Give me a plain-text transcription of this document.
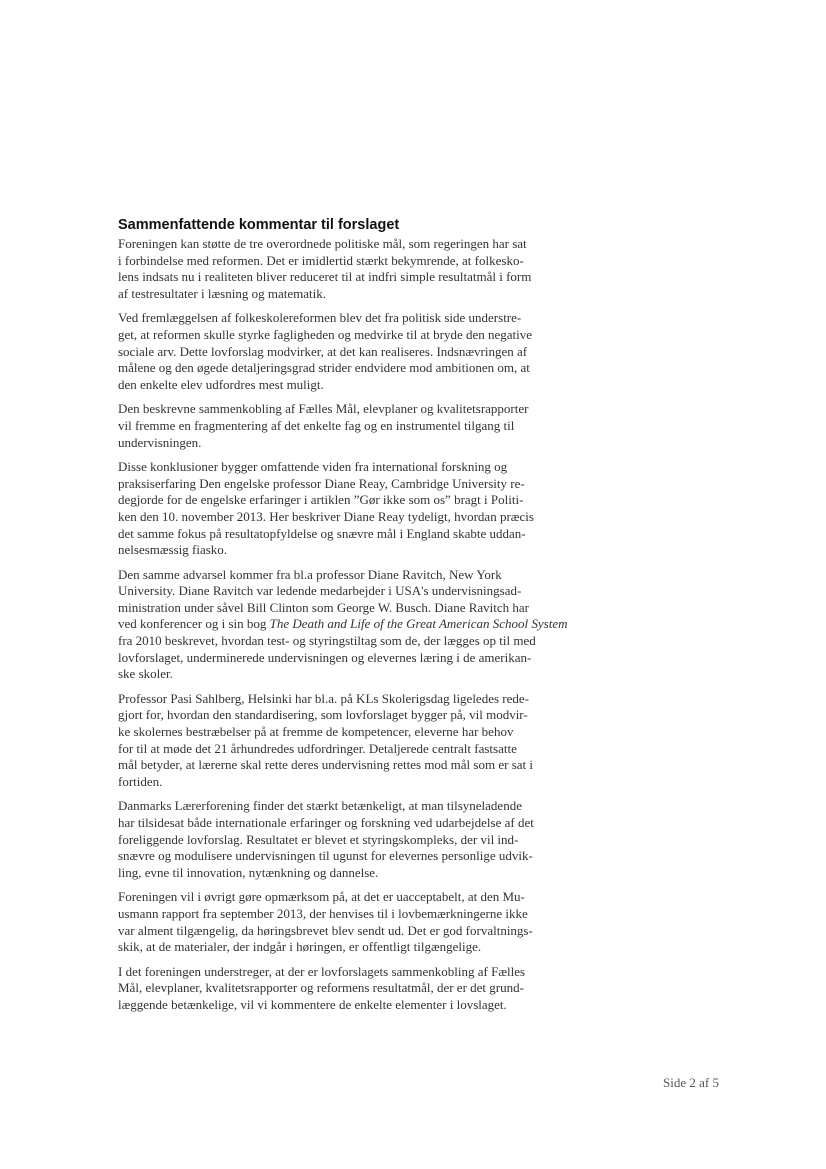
Sammenfattende kommentar til forslaget
Foreningen kan støtte de tre overordnede politiske mål, som regeringen har sat
i forbindelse med reformen. Det er imidlertid stærkt bekymrende, at folkesko-
lens indsats nu i realiteten bliver reduceret til at indfri simple resultatmål i form
af testresultater i læsning og matematik.
Ved fremlæggelsen af folkeskolereformen blev det fra politisk side understre-
get, at reformen skulle styrke fagligheden og medvirke til at bryde den negative
sociale arv. Dette lovforslag modvirker, at det kan realiseres. Indsnævringen af
målene og den øgede detaljeringsgrad strider endvidere mod ambitionen om, at
den enkelte elev udfordres mest muligt.
Den beskrevne sammenkobling af Fælles Mål, elevplaner og kvalitetsrapporter
vil fremme en fragmentering af det enkelte fag og en instrumentel tilgang til
undervisningen.
Disse konklusioner bygger omfattende viden fra international forskning og
praksiserfaring Den engelske professor Diane Reay, Cambridge University re-
degjorde for de engelske erfaringer i artiklen ”Gør ikke som os” bragt i Politi-
ken den 10. november 2013. Her beskriver Diane Reay tydeligt, hvordan præcis
det samme fokus på resultatopfyldelse og snævre mål i England skabte uddan-
nelsesmæssig fiasko.
Den samme advarsel kommer fra bl.a professor Diane Ravitch, New York
University. Diane Ravitch var ledende medarbejder i USA's undervisningsad-
ministration under såvel Bill Clinton som George W. Busch. Diane Ravitch har
ved konferencer og i sin bog The Death and Life of the Great American School System
fra 2010 beskrevet, hvordan test- og styringstiltag som de, der lægges op til med
lovforslaget, underminerede undervisningen og elevernes læring i de amerikan-
ske skoler.
Professor Pasi Sahlberg, Helsinki har bl.a. på KLs Skolerigsdag ligeledes rede-
gjort for, hvordan den standardisering, som lovforslaget bygger på, vil modvir-
ke skolernes bestræbelser på at fremme de kompetencer, eleverne har behov
for til at møde det 21 århundredes udfordringer. Detaljerede centralt fastsatte
mål betyder, at lærerne skal rette deres undervisning rettes mod mål som er sat i
fortiden.
Danmarks Lærerforening finder det stærkt betænkeligt, at man tilsyneladende
har tilsidesat både internationale erfaringer og forskning ved udarbejdelse af det
foreliggende lovforslag. Resultatet er blevet et styringskompleks, der vil ind-
snævre og modulisere undervisningen til ugunst for elevernes personlige udvik-
ling, evne til innovation, nytænkning og dannelse.
Foreningen vil i øvrigt gøre opmærksom på, at det er uacceptabelt, at den Mu-
usmann rapport fra september 2013, der henvises til i lovbemærkningerne ikke
var alment tilgængelig, da høringsbrevet blev sendt ud. Det er god forvaltnings-
skik, at de materialer, der indgår i høringen, er offentligt tilgængelige.
I det foreningen understreger, at der er lovforslagets sammenkobling af Fælles
Mål, elevplaner, kvalitetsrapporter og reformens resultatmål, der er det grund-
læggende betænkelige, vil vi kommentere de enkelte elementer i lovslaget.
Side 2 af 5
